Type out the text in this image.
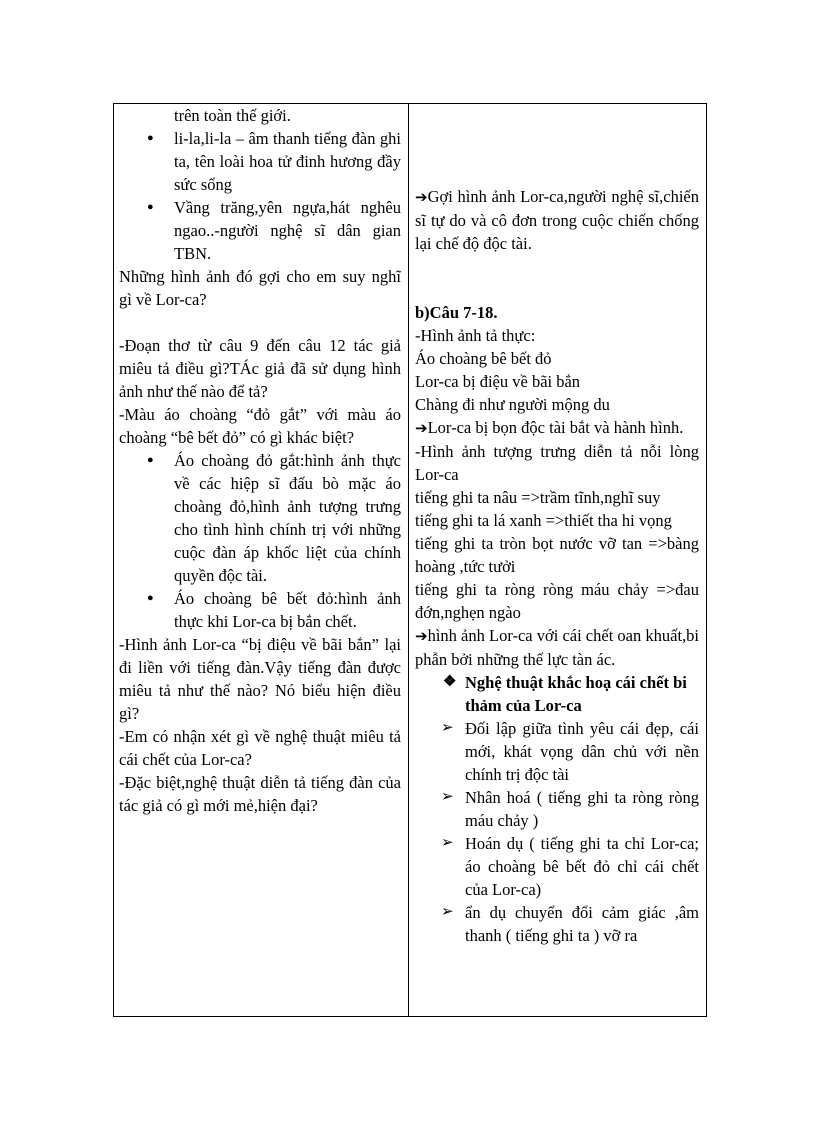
trên toàn thế giới.

● li-la,li-la – âm thanh tiếng đàn ghi ta, tên loài hoa tử đinh hương đầy sức sống
● Vầng trăng,yên ngựa,hát nghêu ngao..-người nghệ sĩ dân gian TBN.

Những hình ảnh đó gợi cho em suy nghĩ gì về Lor-ca?

-Đoạn thơ từ câu 9 đến câu 12 tác giả miêu tả điều gì?TÁc giả đã sử dụng hình ảnh như thế nào để tả?

-Màu áo choàng “đỏ gắt” với màu áo choàng “bê bết đỏ” có gì khác biệt?

● Áo choàng đỏ gắt:hình ảnh thực về các hiệp sĩ đấu bò mặc áo choàng đỏ,hình ảnh tượng trưng cho tình hình chính trị với những cuộc đàn áp khốc liệt của chính quyền độc tài.
● Áo choàng bê bết đỏ:hình ảnh thực khi Lor-ca bị bắn chết.

-Hình ảnh Lor-ca “bị điệu về bãi bắn” lại đi liền với tiếng đàn.Vậy tiếng đàn được miêu tả như thế nào? Nó biểu hiện điều gì?

-Em có nhận xét gì về nghệ thuật miêu tả cái chết của Lor-ca?

-Đặc biệt,nghệ thuật diễn tả tiếng đàn của tác giả có gì mới mẻ,hiện đại?

➔Gợi hình ảnh Lor-ca,người nghệ sĩ,chiến sĩ tự do và cô đơn trong cuộc chiến chống lại chế độ độc tài.

b)Câu 7-18.

-Hình ảnh tả thực:

Áo choàng bê bết đỏ

Lor-ca bị điệu về bãi bắn

Chàng đi như người mộng du

➔Lor-ca bị bọn độc tài bắt và hành hình.

-Hình ảnh tượng trưng diễn tả nỗi lòng Lor-ca

tiếng ghi ta nâu =>trầm tĩnh,nghĩ suy

tiếng ghi ta lá xanh =>thiết tha hi vọng

tiếng ghi ta tròn bọt nước vỡ tan =>bàng hoàng ,tức tưởi

tiếng ghi ta ròng ròng máu chảy =>đau đớn,nghẹn ngào

➔hình ảnh Lor-ca với cái chết oan khuất,bi phẫn bởi những thế lực tàn ác.

❖ Nghệ thuật khắc hoạ cái chết bi thảm của Lor-ca
➢ Đối lập giữa tình yêu cái đẹp, cái mới, khát vọng dân chủ với nền chính trị độc tài
➢ Nhân hoá ( tiếng ghi ta ròng ròng máu chảy )
➢ Hoán dụ ( tiếng ghi ta chỉ Lor-ca; áo choàng bê bết đỏ chỉ cái chết của Lor-ca)
➢ ẩn dụ chuyển đổi cảm giác ,âm thanh ( tiếng ghi ta ) vỡ ra
